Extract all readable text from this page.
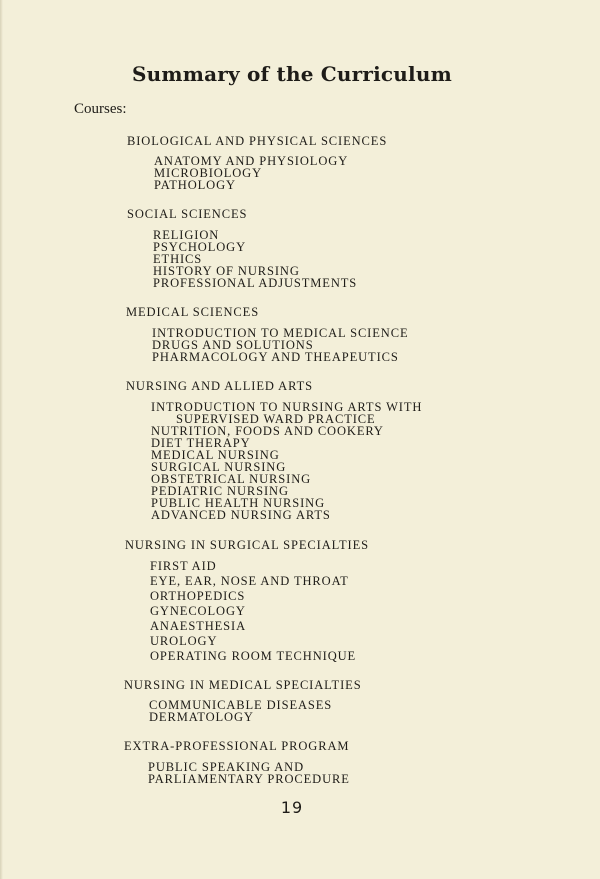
Summary of the Curriculum
Courses:
BIOLOGICAL AND PHYSICAL SCIENCES
ANATOMY AND PHYSIOLOGY
MICROBIOLOGY
PATHOLOGY
SOCIAL SCIENCES
RELIGION
PSYCHOLOGY
ETHICS
HISTORY OF NURSING
PROFESSIONAL ADJUSTMENTS
MEDICAL SCIENCES
INTRODUCTION TO MEDICAL SCIENCE
DRUGS AND SOLUTIONS
PHARMACOLOGY AND THEAPEUTICS
NURSING AND ALLIED ARTS
INTRODUCTION TO NURSING ARTS WITH
SUPERVISED WARD PRACTICE
NUTRITION, FOODS AND COOKERY
DIET THERAPY
MEDICAL NURSING
SURGICAL NURSING
OBSTETRICAL NURSING
PEDIATRIC NURSING
PUBLIC HEALTH NURSING
ADVANCED NURSING ARTS
NURSING IN SURGICAL SPECIALTIES
FIRST AID
EYE, EAR, NOSE AND THROAT
ORTHOPEDICS
GYNECOLOGY
ANAESTHESIA
UROLOGY
OPERATING ROOM TECHNIQUE
NURSING IN MEDICAL SPECIALTIES
COMMUNICABLE DISEASES
DERMATOLOGY
EXTRA-PROFESSIONAL PROGRAM
PUBLIC SPEAKING AND
PARLIAMENTARY PROCEDURE
19
